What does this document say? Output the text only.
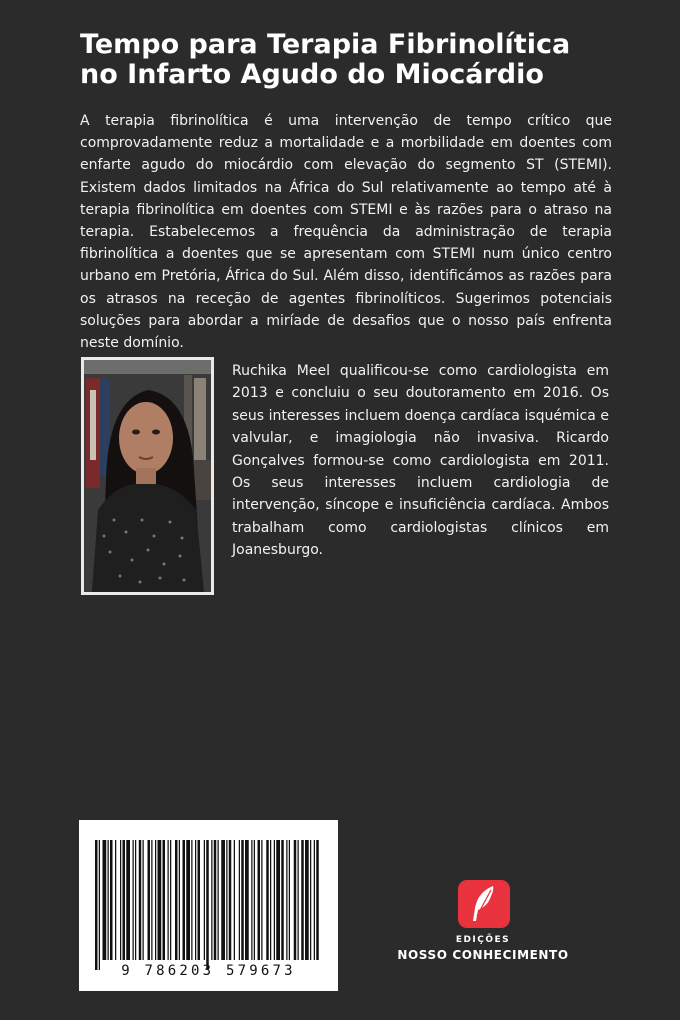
Tempo para Terapia Fibrinolítica
no Infarto Agudo do Miocárdio

A terapia fibrinolítica é uma intervenção de tempo crítico que comprovadamente reduz a mortalidade e a morbilidade em doentes com enfarte agudo do miocárdio com elevação do segmento ST (STEMI). Existem dados limitados na África do Sul relativamente ao tempo até à terapia fibrinolítica em doentes com STEMI e às razões para o atraso na terapia. Estabelecemos a frequência da administração de terapia fibrinolítica a doentes que se apresentam com STEMI num único centro urbano em Pretória, África do Sul. Além disso, identificámos as razões para os atrasos na receção de agentes fibrinolíticos. Sugerimos potenciais soluções para abordar a miríade de desafios que o nosso país enfrenta neste domínio.

Ruchika Meel qualificou-se como cardiologista em 2013 e concluiu o seu doutoramento em 2016. Os seus interesses incluem doença cardíaca isquémica e valvular, e imagiologia não invasiva. Ricardo Gonçalves formou-se como cardiologista em 2011. Os seus interesses incluem cardiologia de intervenção, síncope e insuficiência cardíaca. Ambos trabalham como cardiologistas clínicos em Joanesburgo.

9 786203 579673
EDIÇÕES
NOSSO CONHECIMENTO
